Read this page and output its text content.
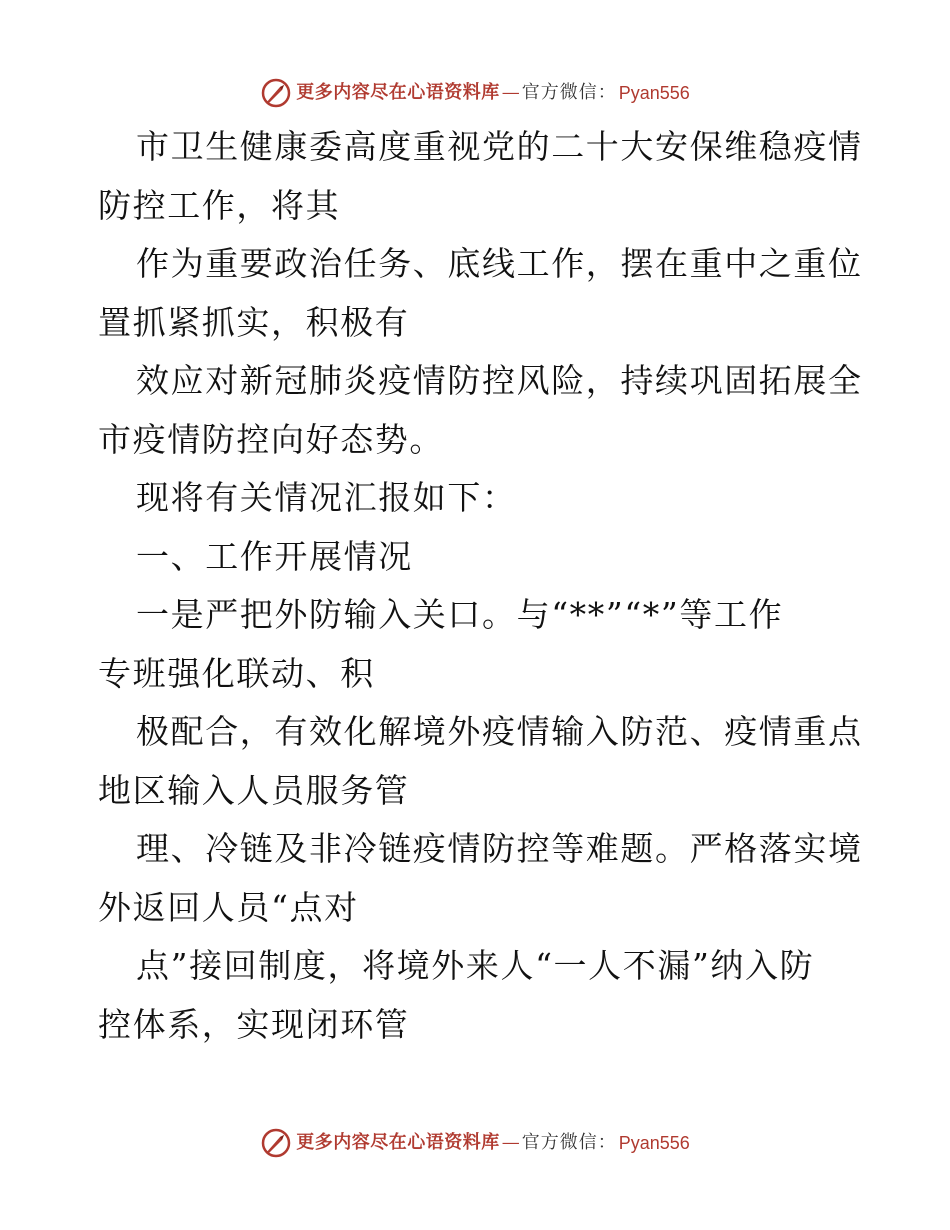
更多内容尽在心语资料库 — 官方微信： Pyan556

市卫生健康委高度重视党的二十大安保维稳疫情
防控工作，将其

作为重要政治任务、底线工作，摆在重中之重位
置抓紧抓实，积极有

效应对新冠肺炎疫情防控风险，持续巩固拓展全
市疫情防控向好态势。

现将有关情况汇报如下：

一、工作开展情况

一是严把外防输入关口。与“**”“*”等工作
专班强化联动、积

极配合，有效化解境外疫情输入防范、疫情重点
地区输入人员服务管

理、冷链及非冷链疫情防控等难题。严格落实境
外返回人员“点对

点”接回制度，将境外来人“一人不漏”纳入防
控体系，实现闭环管

更多内容尽在心语资料库 — 官方微信： Pyan556
